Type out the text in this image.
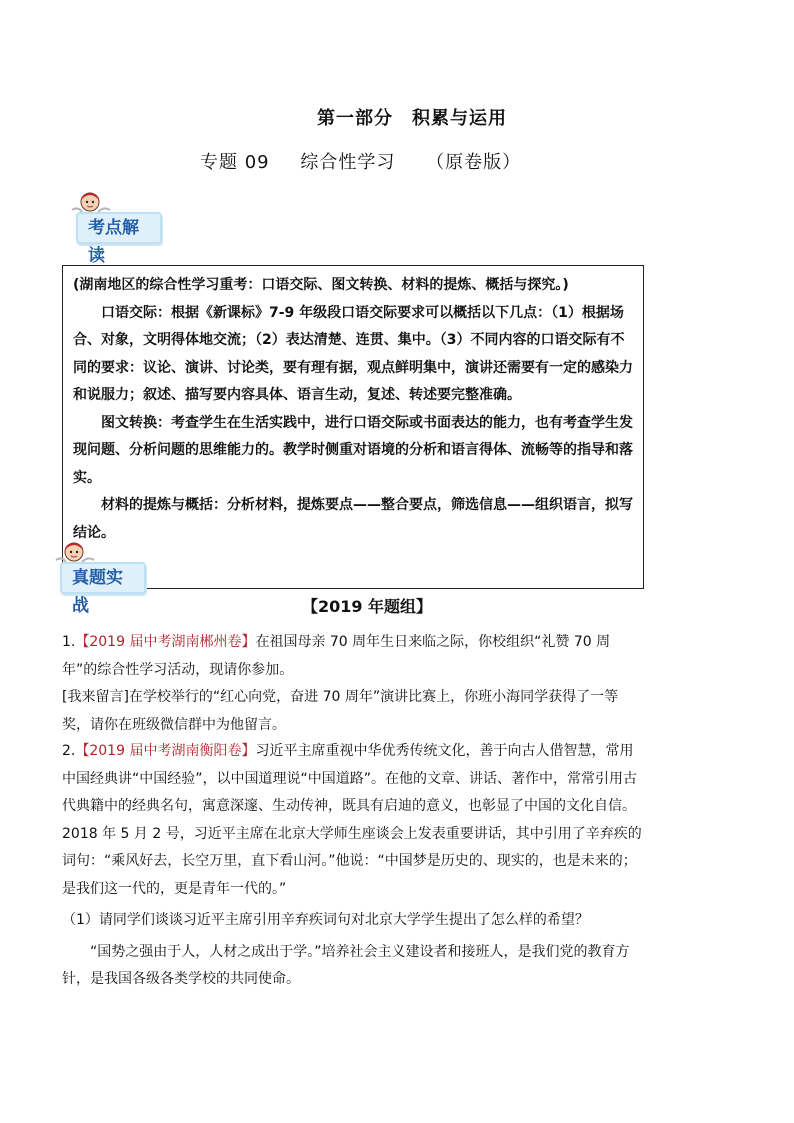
第一部分　积累与运用
专题 09 综合性学习 （原卷版）
考点解读

(湖南地区的综合性学习重考：口语交际、图文转换、材料的提炼、概括与探究。)

口语交际：根据《新课标》7-9 年级段口语交际要求可以概括以下几点：（1）根据场合、对象，文明得体地交流；（2）表达清楚、连贯、集中。（3）不同内容的口语交际有不同的要求：议论、演讲、讨论类，要有理有据，观点鲜明集中，演讲还需要有一定的感染力和说服力；叙述、描写要内容具体、语言生动，复述、转述要完整准确。

图文转换：考查学生在生活实践中，进行口语交际或书面表达的能力，也有考查学生发现问题、分析问题的思维能力的。教学时侧重对语境的分析和语言得体、流畅等的指导和落实。

材料的提炼与概括：分析材料，提炼要点——整合要点，筛选信息——组织语言，拟写结论。

真题实战	【2019 年题组】

1.【2019 届中考湖南郴州卷】在祖国母亲 70 周年生日来临之际，你校组织“礼赞 70 周年”的综合性学习活动，现请你参加。

[我来留言]在学校举行的“红心向党，奋进 70 周年”演讲比赛上，你班小海同学获得了一等奖，请你在班级微信群中为他留言。

2.【2019 届中考湖南衡阳卷】习近平主席重视中华优秀传统文化，善于向古人借智慧，常用中国经典讲“中国经验”，以中国道理说“中国道路”。在他的文章、讲话、著作中，常常引用古代典籍中的经典名句，寓意深邃、生动传神，既具有启迪的意义，也彰显了中国的文化自信。2018 年 5 月 2 号，习近平主席在北京大学师生座谈会上发表重要讲话，其中引用了辛弃疾的词句：“乘风好去，长空万里，直下看山河。”他说：“中国梦是历史的、现实的，也是未来的；是我们这一代的，更是青年一代的。”

（1）请同学们谈谈习近平主席引用辛弃疾词句对北京大学学生提出了怎么样的希望？

“国势之强由于人，人材之成出于学。”培养社会主义建设者和接班人，是我们党的教育方针，是我国各级各类学校的共同使命。
